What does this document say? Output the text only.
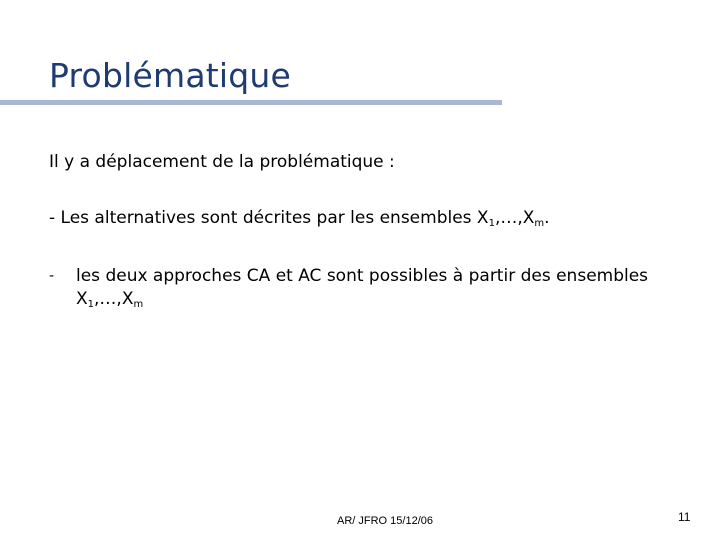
Problématique
Il y a déplacement de la problématique :
- Les alternatives sont décrites par les ensembles $X_1,\dots,X_m$.
- les deux approches CA et AC sont possibles à partir des ensembles $X_1,\dots,X_m$
AR/ JFRO 15/12/06	11
